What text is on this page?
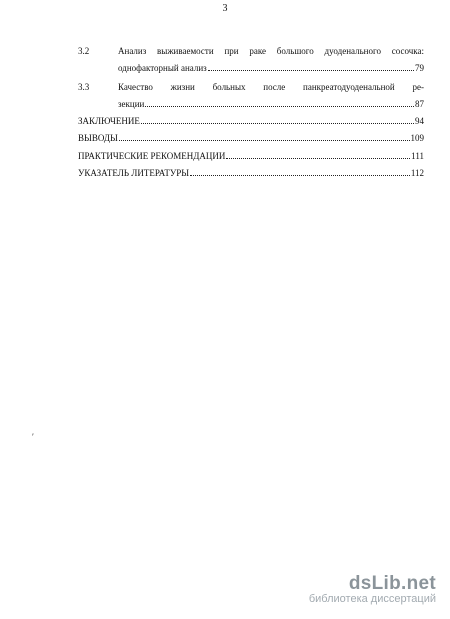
3
3.2	Анализ выживаемости при раке большого дуоденального сосочка:
однофакторный анализ	79
3.3	Качество жизни больных после панкреатодуоденальной ре-
зекции	87
ЗАКЛЮЧЕНИЕ	94
ВЫВОДЫ	109
ПРАКТИЧЕСКИЕ РЕКОМЕНДАЦИИ	111
УКАЗАТЕЛЬ ЛИТЕРАТУРЫ	112
′
dsLib.net
библиотека диссертаций
